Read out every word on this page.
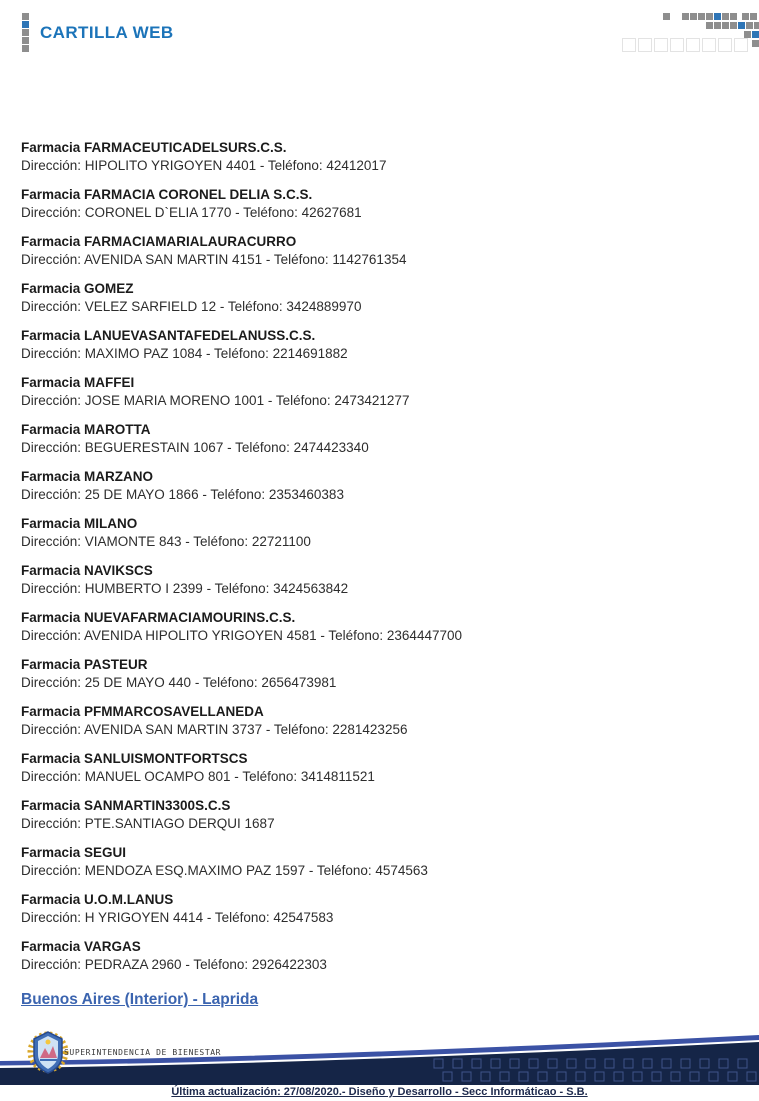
CARTILLA WEB
Farmacia FARMACEUTICADELSURS.C.S.
Dirección: HIPOLITO YRIGOYEN 4401 - Teléfono: 42412017
Farmacia FARMACIA CORONEL DELIA S.C.S.
Dirección: CORONEL D`ELIA 1770 - Teléfono: 42627681
Farmacia FARMACIAMARIALAURACURRO
Dirección: AVENIDA SAN MARTIN 4151 - Teléfono: 1142761354
Farmacia GOMEZ
Dirección: VELEZ SARFIELD 12 - Teléfono: 3424889970
Farmacia LANUEVASANTAFEDELANUSS.C.S.
Dirección: MAXIMO PAZ 1084 - Teléfono: 2214691882
Farmacia MAFFEI
Dirección: JOSE MARIA MORENO 1001 - Teléfono: 2473421277
Farmacia MAROTTA
Dirección: BEGUERESTAIN 1067 - Teléfono: 2474423340
Farmacia MARZANO
Dirección: 25 DE MAYO 1866 - Teléfono: 2353460383
Farmacia MILANO
Dirección: VIAMONTE 843 - Teléfono: 22721100
Farmacia NAVIKSCS
Dirección: HUMBERTO I 2399 - Teléfono: 3424563842
Farmacia NUEVAFARMACIAMOURINS.C.S.
Dirección: AVENIDA HIPOLITO YRIGOYEN 4581 - Teléfono: 2364447700
Farmacia PASTEUR
Dirección: 25 DE MAYO 440 - Teléfono: 2656473981
Farmacia PFMMARCOSAVELLANEDA
Dirección: AVENIDA SAN MARTIN 3737 - Teléfono: 2281423256
Farmacia SANLUISMONTFORTSCS
Dirección: MANUEL OCAMPO 801 - Teléfono: 3414811521
Farmacia SANMARTIN3300S.C.S
Dirección: PTE.SANTIAGO DERQUI 1687
Farmacia SEGUI
Dirección: MENDOZA ESQ.MAXIMO PAZ 1597 - Teléfono: 4574563
Farmacia U.O.M.LANUS
Dirección: H YRIGOYEN 4414 - Teléfono: 42547583
Farmacia VARGAS
Dirección: PEDRAZA 2960 - Teléfono: 2926422303
Buenos Aires (Interior) - Laprida
SUPERINTENDENCIA DE BIENESTAR
Última actualización: 27/08/2020.- Diseño y Desarrollo - Secc Informáticao - S.B.
